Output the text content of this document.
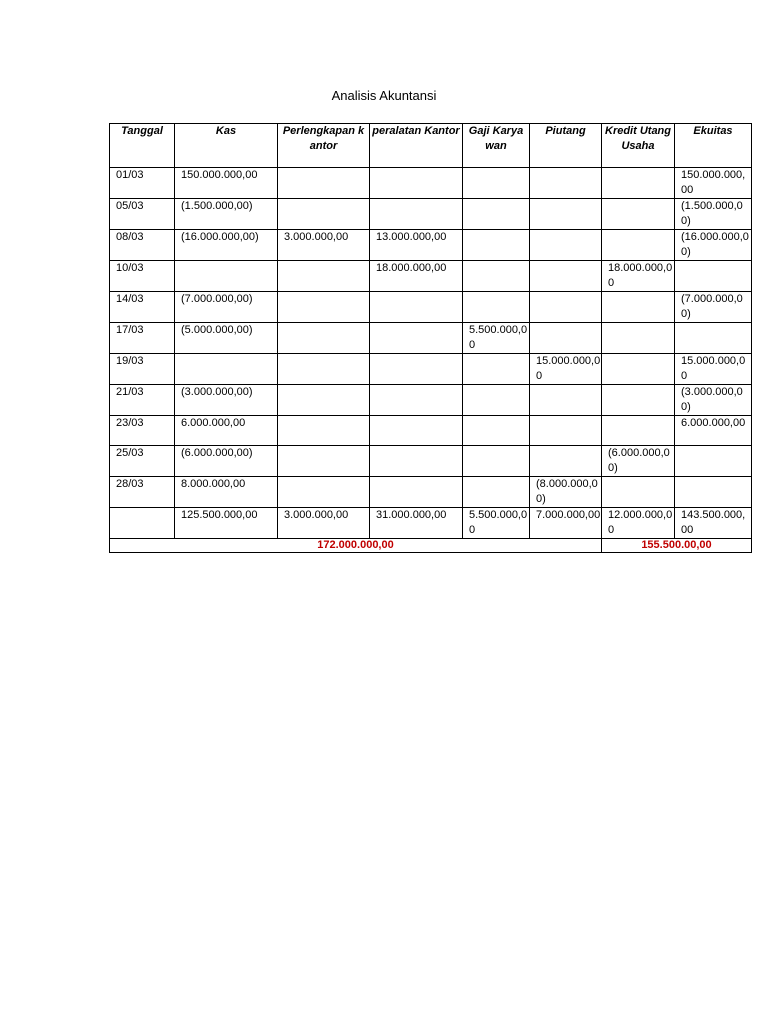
Analisis Akuntansi
Tanggal	Kas	Perlengkapan kantor	peralatan Kantor	Gaji Karyawan	Piutang	Kredit Utang Usaha	Ekuitas
01/03	150.000.000,00						150.000.000,00
05/03	(1.500.000,00)						(1.500.000,00)
08/03	(16.000.000,00)	3.000.000,00	13.000.000,00				(16.000.000,00)
10/03			18.000.000,00			18.000.000,00	
14/03	(7.000.000,00)						(7.000.000,00)
17/03	(5.000.000,00)			5.500.000,00			
19/03					15.000.000,00		15.000.000,00
21/03	(3.000.000,00)						(3.000.000,00)
23/03	6.000.000,00						6.000.000,00
25/03	(6.000.000,00)					(6.000.000,00)	
28/03	8.000.000,00				(8.000.000,00)		
	125.500.000,00	3.000.000,00	31.000.000,00	5.500.000,00	7.000.000,00	12.000.000,00	143.500.000,00
172.000.000,00						155.500.00,00	
